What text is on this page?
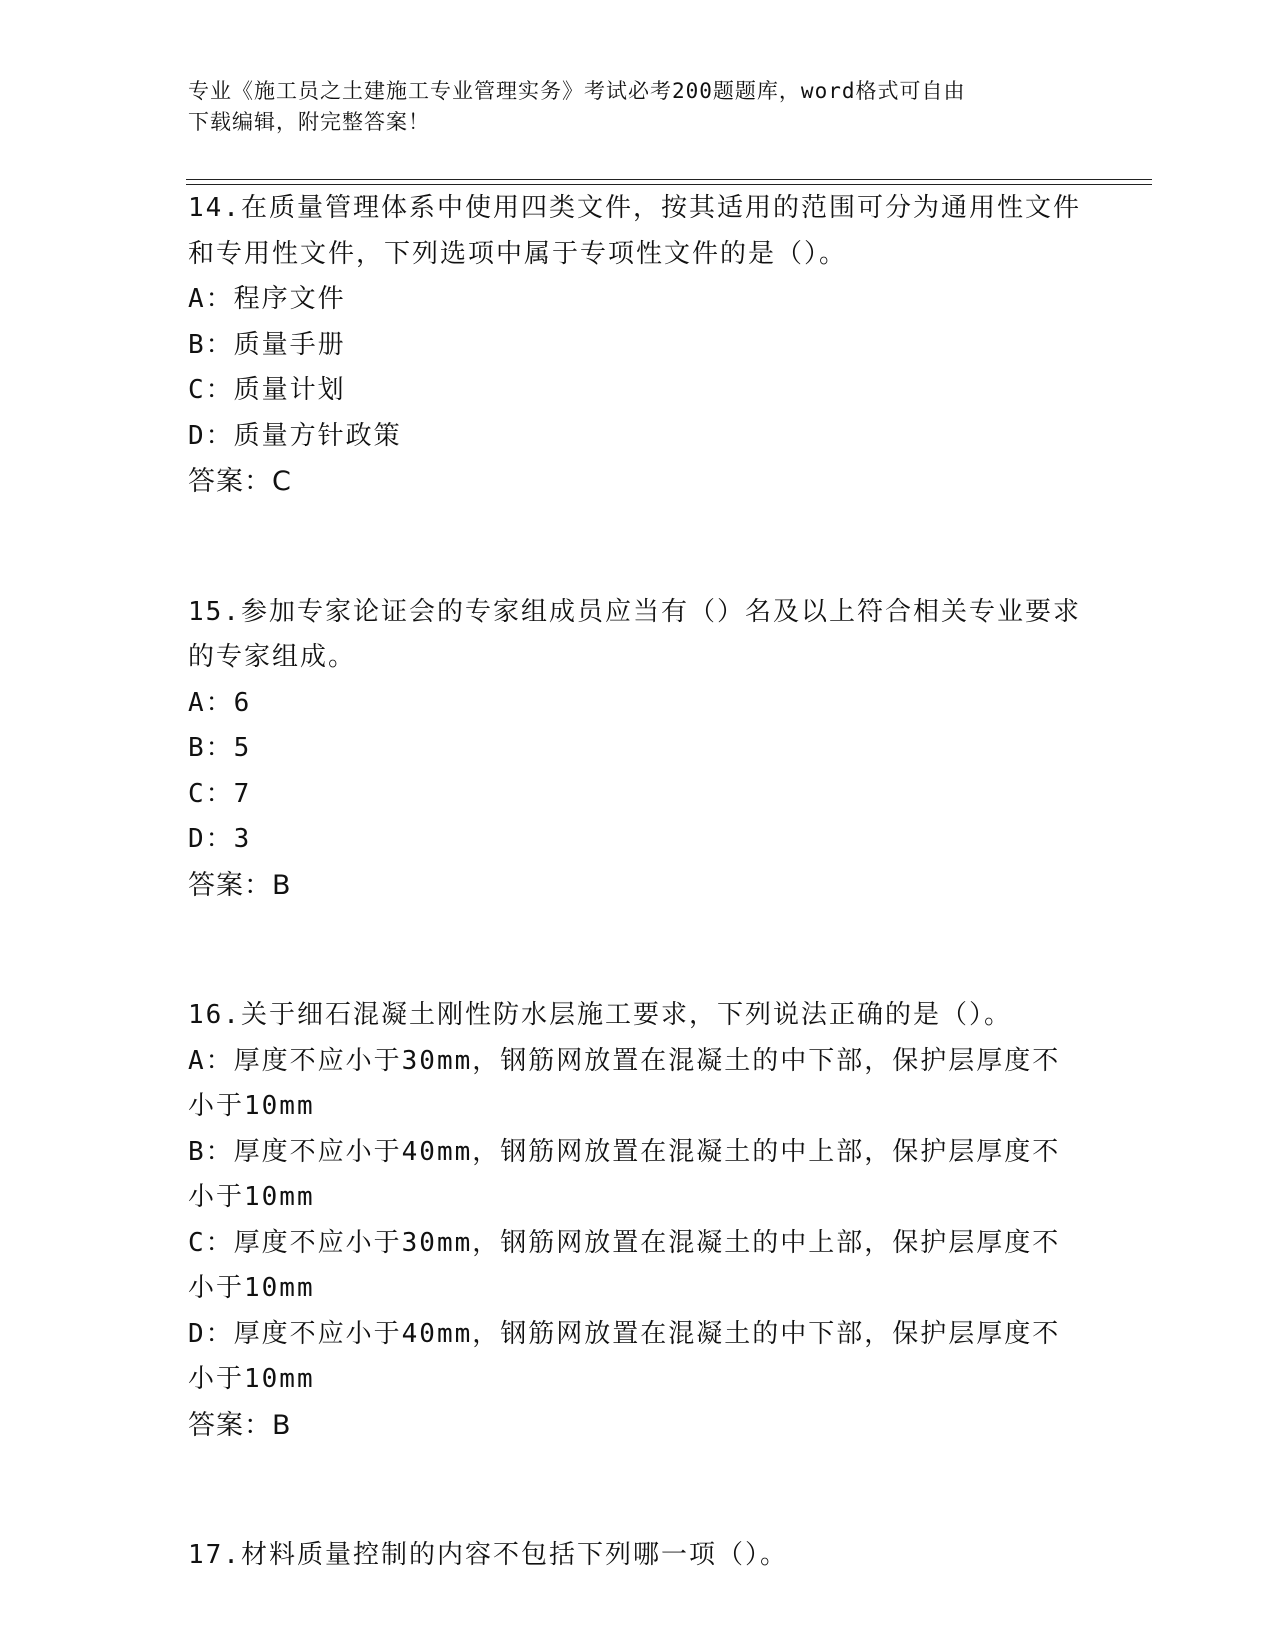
专业《施工员之土建施工专业管理实务》考试必考200题题库，word格式可自由
下载编辑，附完整答案！
14.在质量管理体系中使用四类文件，按其适用的范围可分为通用性文件和专用性文件，下列选项中属于专项性文件的是（）。
A：程序文件
B：质量手册
C：质量计划
D：质量方针政策
答案：C
15.参加专家论证会的专家组成员应当有（）名及以上符合相关专业要求的专家组成。
A：6
B：5
C：7
D：3
答案：B
16.关于细石混凝土刚性防水层施工要求，下列说法正确的是（）。
A：厚度不应小于30mm，钢筋网放置在混凝土的中下部，保护层厚度不小于10mm
B：厚度不应小于40mm，钢筋网放置在混凝土的中上部，保护层厚度不小于10mm
C：厚度不应小于30mm，钢筋网放置在混凝土的中上部，保护层厚度不小于10mm
D：厚度不应小于40mm，钢筋网放置在混凝土的中下部，保护层厚度不小于10mm
答案：B
17.材料质量控制的内容不包括下列哪一项（）。
